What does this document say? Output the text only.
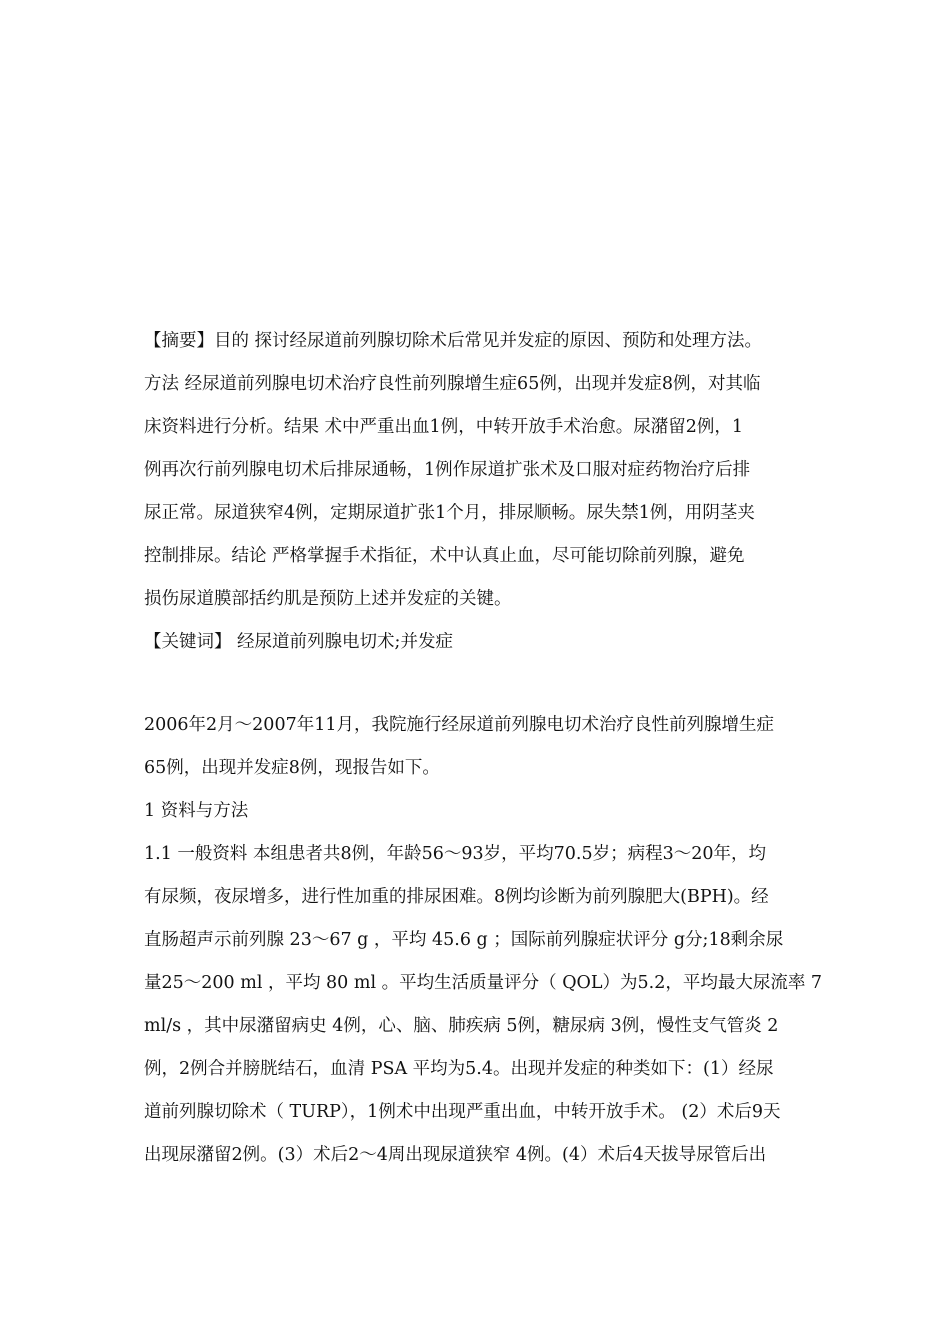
【摘要】目的 探讨经尿道前列腺切除术后常见并发症的原因、预防和处理方法。
方法 经尿道前列腺电切术治疗良性前列腺增生症65例，出现并发症8例，对其临
床资料进行分析。结果 术中严重出血1例，中转开放手术治愈。尿潴留2例，1
例再次行前列腺电切术后排尿通畅，1例作尿道扩张术及口服对症药物治疗后排
尿正常。尿道狭窄4例，定期尿道扩张1个月，排尿顺畅。尿失禁1例，用阴茎夹
控制排尿。结论 严格掌握手术指征，术中认真止血，尽可能切除前列腺，避免
损伤尿道膜部括约肌是预防上述并发症的关键。
【关键词】 经尿道前列腺电切术;并发症
2006年2月～2007年11月，我院施行经尿道前列腺电切术治疗良性前列腺增生症
65例，出现并发症8例，现报告如下。
1 资料与方法
1.1 一般资料 本组患者共8例，年龄56～93岁，平均70.5岁；病程3～20年，均
有尿频，夜尿增多，进行性加重的排尿困难。8例均诊断为前列腺肥大(BPH)。经
直肠超声示前列腺 23～67 g ，平均 45.6 g ；国际前列腺症状评分 g分;18剩余尿
量25～200 ml ，平均 80 ml 。平均生活质量评分（ QOL）为5.2，平均最大尿流率 7
ml/s ，其中尿潴留病史 4例，心、脑、肺疾病 5例，糖尿病 3例，慢性支气管炎 2
例，2例合并膀胱结石，血清 PSA 平均为5.4。出现并发症的种类如下：(1）经尿
道前列腺切除术（ TURP），1例术中出现严重出血，中转开放手术。 (2）术后9天
出现尿潴留2例。(3）术后2～4周出现尿道狭窄 4例。(4）术后4天拔导尿管后出
